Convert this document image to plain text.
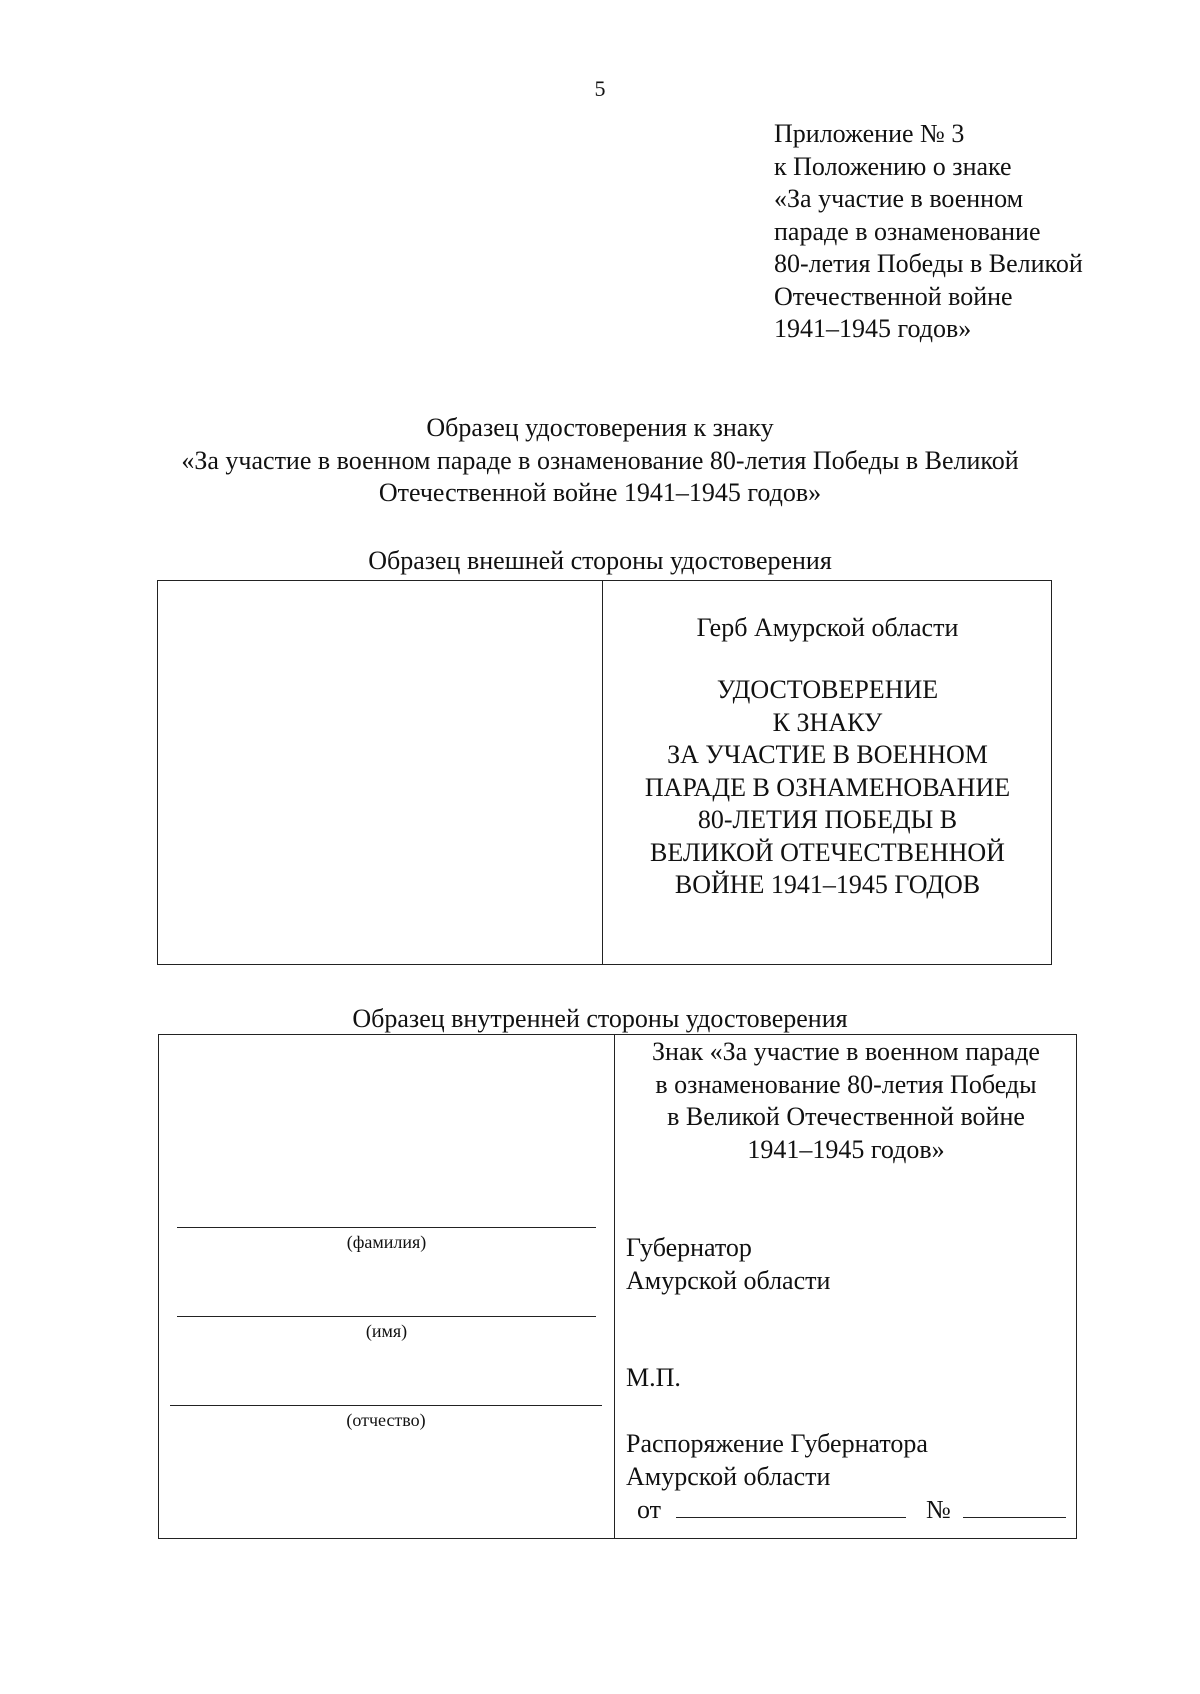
5
Приложение № 3
к Положению о знаке
«За участие в военном
параде в ознаменование
80-летия Победы в Великой
Отечественной войне
1941–1945 годов»
Образец удостоверения к знаку
«За участие в военном параде в ознаменование 80-летия Победы в Великой
Отечественной войне 1941–1945 годов»
Образец внешней стороны удостоверения
Герб Амурской области
УДОСТОВЕРЕНИЕ
К ЗНАКУ
ЗА УЧАСТИЕ В ВОЕННОМ
ПАРАДЕ В ОЗНАМЕНОВАНИЕ
80-ЛЕТИЯ ПОБЕДЫ В
ВЕЛИКОЙ ОТЕЧЕСТВЕННОЙ
ВОЙНЕ 1941–1945 ГОДОВ
Образец внутренней стороны удостоверения
Знак «За участие в военном параде
в ознаменование 80-летия Победы
в Великой Отечественной войне
1941–1945 годов»
(фамилия)
(имя)
(отчество)
Губернатор
Амурской области
М.П.
Распоряжение Губернатора
Амурской области
от	№
